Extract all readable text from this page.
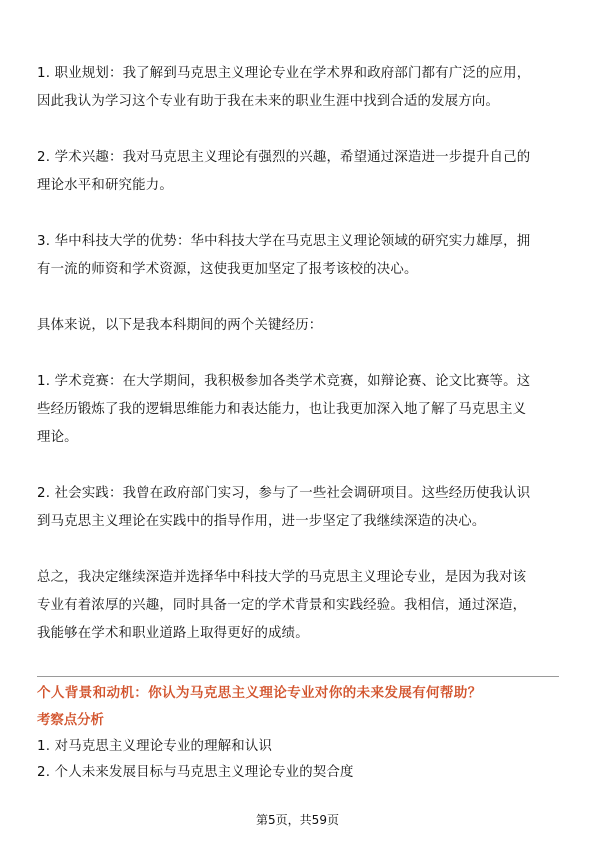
1. 职业规划：我了解到马克思主义理论专业在学术界和政府部门都有广泛的应用，
因此我认为学习这个专业有助于我在未来的职业生涯中找到合适的发展方向。

2. 学术兴趣：我对马克思主义理论有强烈的兴趣，希望通过深造进一步提升自己的
理论水平和研究能力。

3. 华中科技大学的优势：华中科技大学在马克思主义理论领域的研究实力雄厚，拥
有一流的师资和学术资源，这使我更加坚定了报考该校的决心。

具体来说，以下是我本科期间的两个关键经历：

1. 学术竞赛：在大学期间，我积极参加各类学术竞赛，如辩论赛、论文比赛等。这
些经历锻炼了我的逻辑思维能力和表达能力，也让我更加深入地了解了马克思主义
理论。

2. 社会实践：我曾在政府部门实习，参与了一些社会调研项目。这些经历使我认识
到马克思主义理论在实践中的指导作用，进一步坚定了我继续深造的决心。

总之，我决定继续深造并选择华中科技大学的马克思主义理论专业，是因为我对该
专业有着浓厚的兴趣，同时具备一定的学术背景和实践经验。我相信，通过深造，
我能够在学术和职业道路上取得更好的成绩。

个人背景和动机：你认为马克思主义理论专业对你的未来发展有何帮助？
考察点分析
1. 对马克思主义理论专业的理解和认识
2. 个人未来发展目标与马克思主义理论专业的契合度
第5页，共59页
